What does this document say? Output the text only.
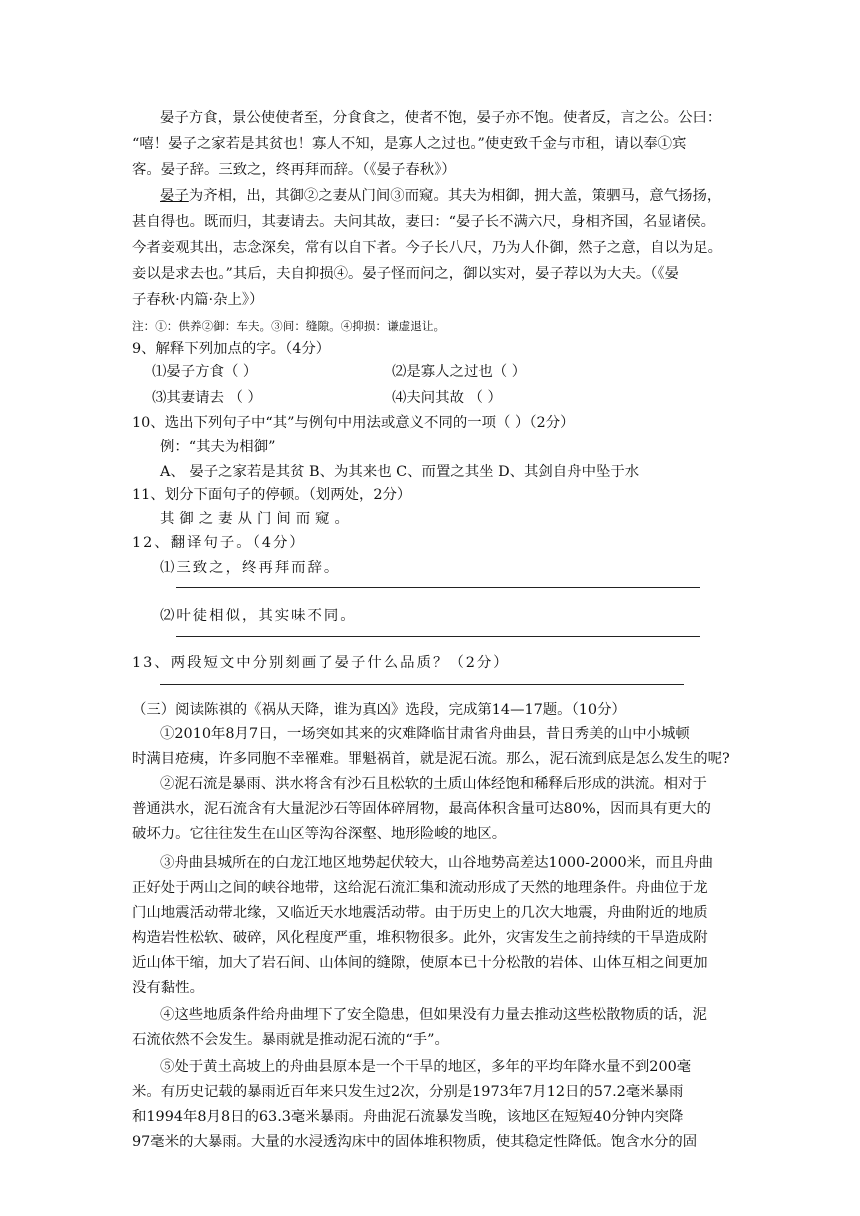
晏子方食，景公使使者至，分食食之，使者不饱，晏子亦不饱。使者反，言之公。公曰：
“嘻！晏子之家若是其贫也！寡人不知，是寡人之过也。”使吏致千金与市租，请以奉①宾
客。晏子辞。三致之，终再拜而辞。（《晏子春秋》）
晏子为齐相，出，其御②之妻从门间③而窥。其夫为相御，拥大盖，策驷马，意气扬扬，
甚自得也。既而归，其妻请去。夫问其故，妻曰：“晏子长不满六尺，身相齐国，名显诸侯。
今者妾观其出，志念深矣，常有以自下者。今子长八尺，乃为人仆御，然子之意，自以为足。
妾以是求去也。”其后，夫自抑损④。晏子怪而问之，御以实对，晏子荐以为大夫。（《晏
子春秋·内篇·杂上》）
注：①：供养②御：车夫。③间：缝隙。④抑损：谦虚退让。
9、解释下列加点的字。（4分）
⑴晏子方食（ ）	⑵是寡人之过也（ ）
⑶其妻请去 （ ）	⑷夫问其故 （ ）
10、选出下列句子中“其”与例句中用法或意义不同的一项（ ）（2分）
例：“其夫为相御”
A、 晏子之家若是其贫 B、为其来也 C、而置之其坐 D、其剑自舟中坠于水
11、划分下面句子的停顿。（划两处，2分）
其御之妻从门间而窥。
12、翻译句子。（4分）
⑴三致之，终再拜而辞。
⑵叶徒相似，其实味不同。
13、两段短文中分别刻画了晏子什么品质？（2分）
（三）阅读陈祺的《祸从天降，谁为真凶》选段，完成第14—17题。（10分）
①2010年8月7日，一场突如其来的灾难降临甘肃省舟曲县，昔日秀美的山中小城顿
时满目疮痍，许多同胞不幸罹难。罪魁祸首，就是泥石流。那么，泥石流到底是怎么发生的呢?
②泥石流是暴雨、洪水将含有沙石且松软的土质山体经饱和稀释后形成的洪流。相对于
普通洪水，泥石流含有大量泥沙石等固体碎屑物，最高体积含量可达80%，因而具有更大的
破坏力。它往往发生在山区等沟谷深壑、地形险峻的地区。
③舟曲县城所在的白龙江地区地势起伏较大，山谷地势高差达1000-2000米，而且舟曲
正好处于两山之间的峡谷地带，这给泥石流汇集和流动形成了天然的地理条件。舟曲位于龙
门山地震活动带北缘，又临近天水地震活动带。由于历史上的几次大地震，舟曲附近的地质
构造岩性松软、破碎，风化程度严重，堆积物很多。此外，灾害发生之前持续的干旱造成附
近山体干缩，加大了岩石间、山体间的缝隙，使原本已十分松散的岩体、山体互相之间更加
没有黏性。
④这些地质条件给舟曲埋下了安全隐患，但如果没有力量去推动这些松散物质的话，泥
石流依然不会发生。暴雨就是推动泥石流的“手”。
⑤处于黄土高坡上的舟曲县原本是一个干旱的地区，多年的平均年降水量不到200毫
米。有历史记载的暴雨近百年来只发生过2次，分别是1973年7月12日的57.2毫米暴雨
和1994年8月8日的63.3毫米暴雨。舟曲泥石流暴发当晚，该地区在短短40分钟内突降
97毫米的大暴雨。大量的水浸透沟床中的固体堆积物质，使其稳定性降低。饱含水分的固
